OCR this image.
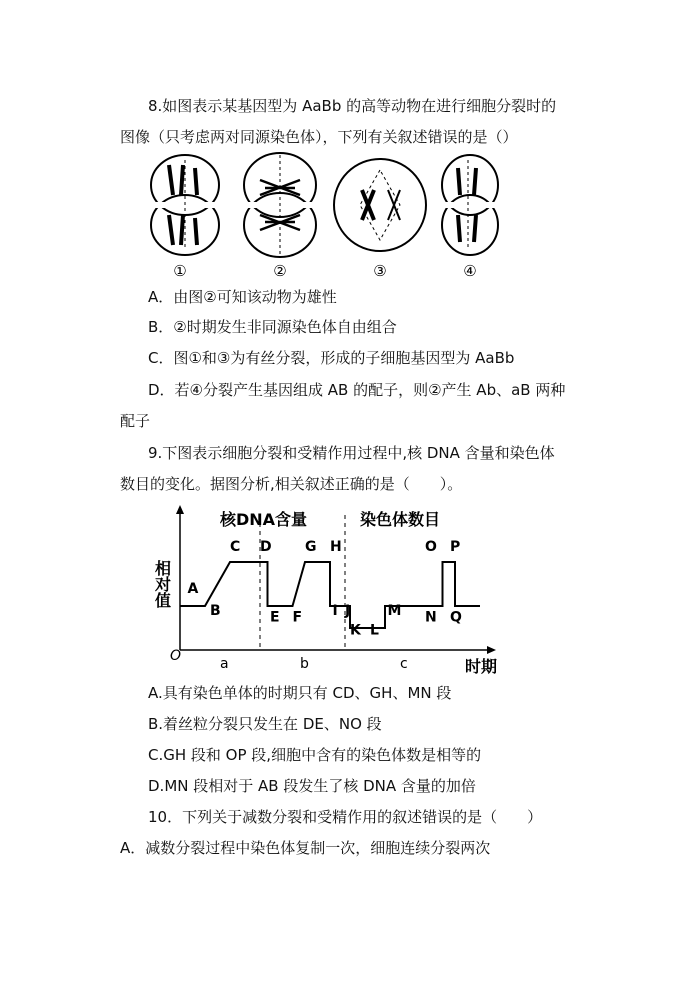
8.如图表示某基因型为 AaBb 的高等动物在进行细胞分裂时的
图像（只考虑两对同源染色体），下列有关叙述错误的是（）
①	②	③	④
A．由图②可知该动物为雄性
B．②时期发生非同源染色体自由组合
C．图①和③为有丝分裂，形成的子细胞基因型为 AaBb
D．若④分裂产生基因组成 AB 的配子，则②产生 Ab、aB 两种
配子
9.下图表示细胞分裂和受精作用过程中,核 DNA 含量和染色体
数目的变化。据图分析,相关叙述正确的是（　　）。
相对值
时期
O
核DNA含量	染色体数目
a	b	c
A
B
C D
E F
G H
I J
K L
M N
O P
Q
A.具有染色单体的时期只有 CD、GH、MN 段
B.着丝粒分裂只发生在 DE、NO 段
C.GH 段和 OP 段,细胞中含有的染色体数是相等的
D.MN 段相对于 AB 段发生了核 DNA 含量的加倍
10．下列关于减数分裂和受精作用的叙述错误的是（　　）
A．减数分裂过程中染色体复制一次，细胞连续分裂两次
